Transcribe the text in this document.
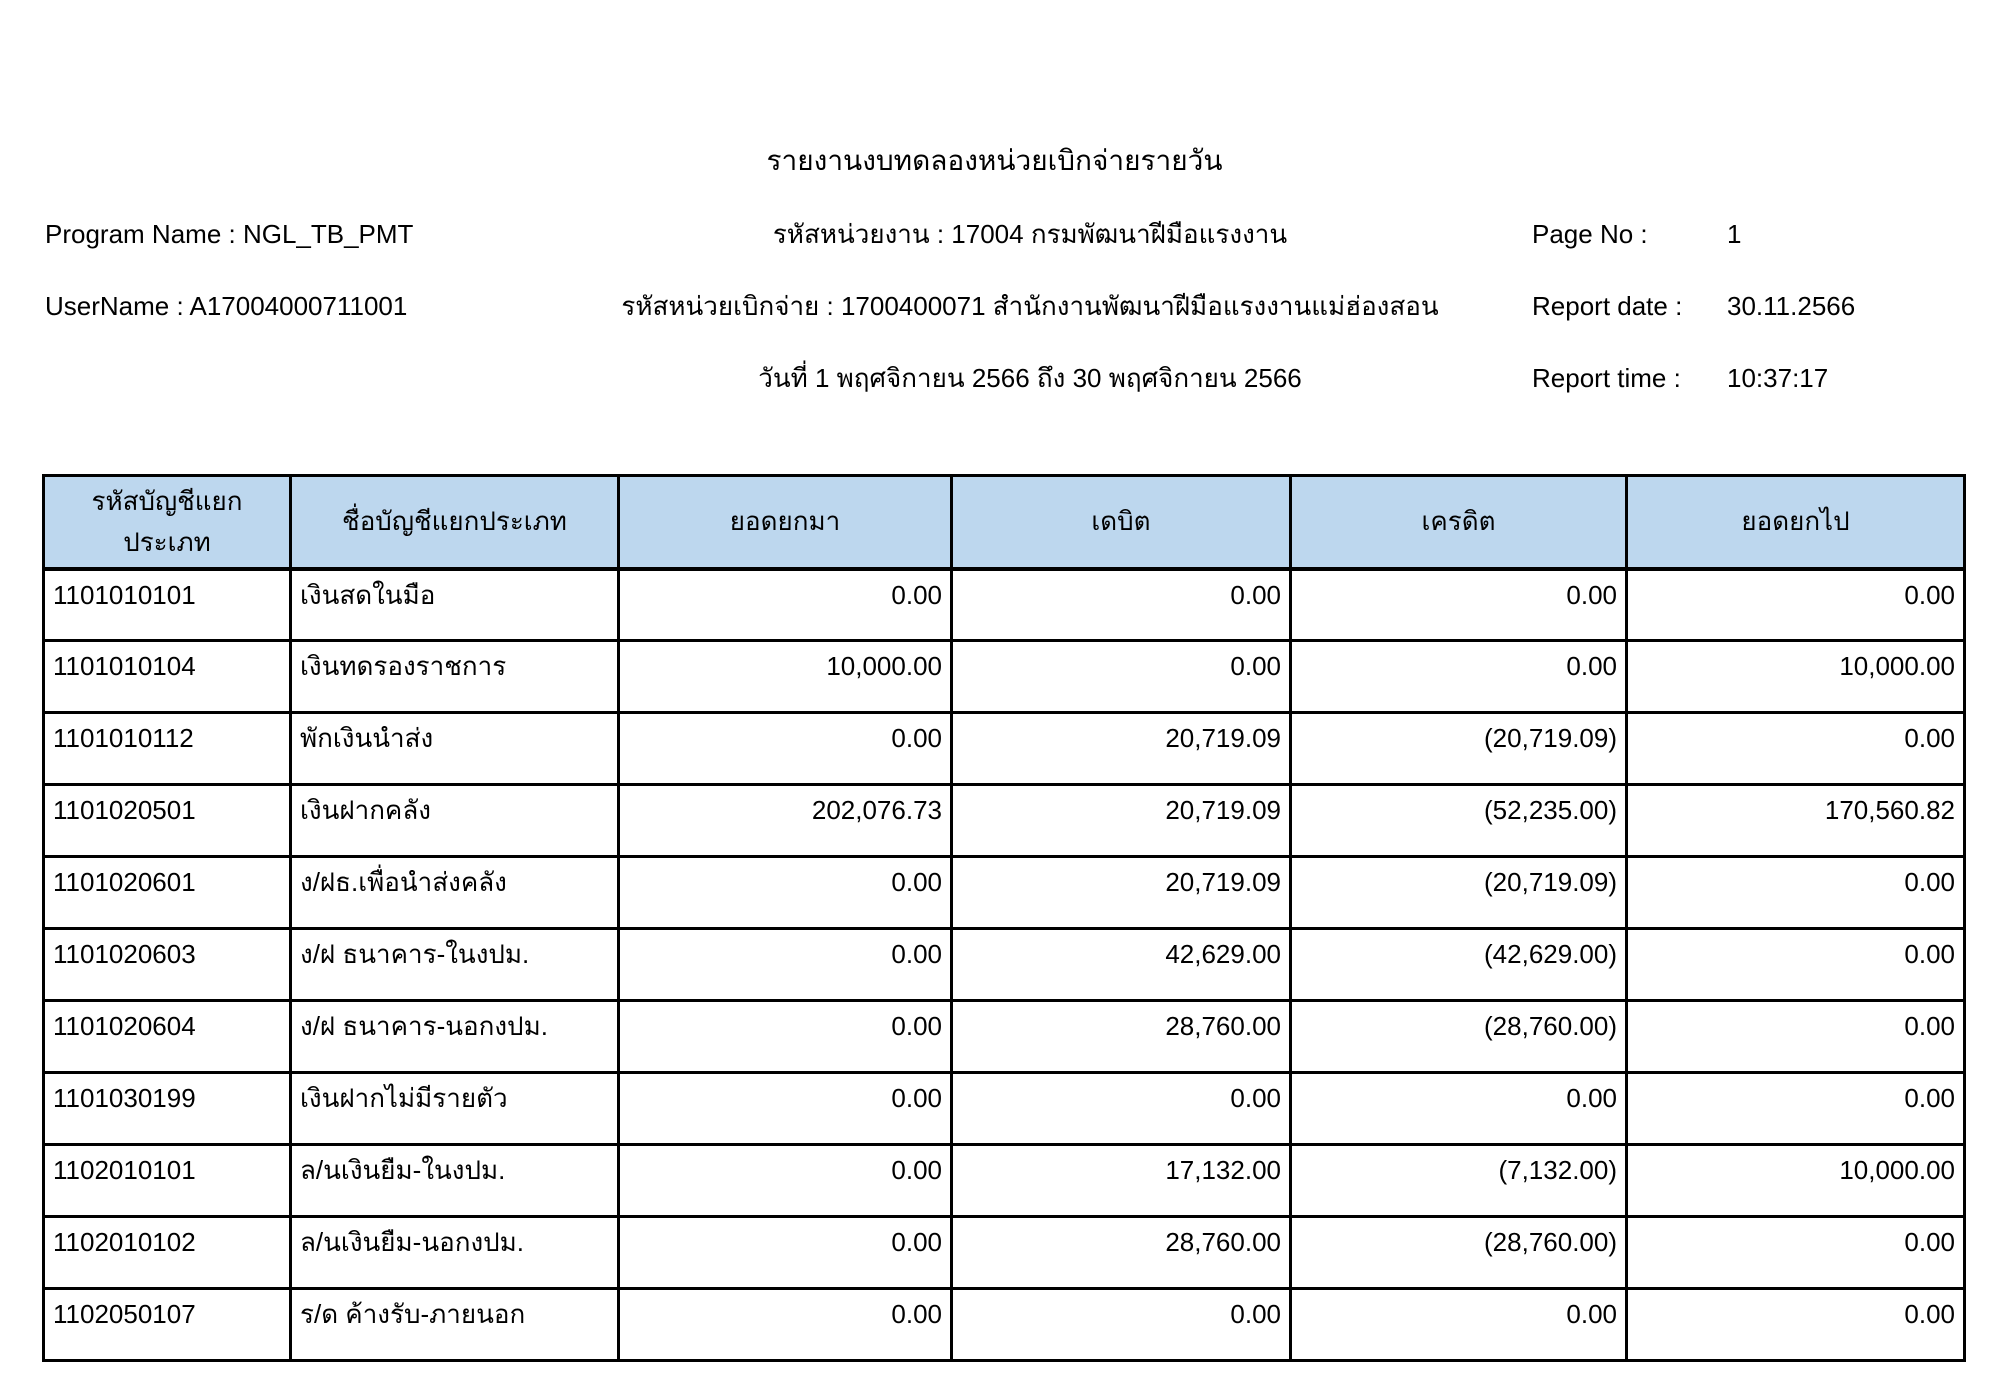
รายงานงบทดลองหน่วยเบิกจ่ายรายวัน
Program Name : NGL_TB_PMT	รหัสหน่วยงาน : 17004 กรมพัฒนาฝีมือแรงงาน	Page No :	1
UserName : A17004000711001	รหัสหน่วยเบิกจ่าย : 1700400071 สำนักงานพัฒนาฝีมือแรงงานแม่ฮ่องสอน	Report date :	30.11.2566
วันที่ 1 พฤศจิกายน 2566 ถึง 30 พฤศจิกายน 2566	Report time :	10:37:17
รหัสบัญชีแยกประเภท	ชื่อบัญชีแยกประเภท	ยอดยกมา	เดบิต	เครดิต	ยอดยกไป
1101010101	เงินสดในมือ	0.00	0.00	0.00	0.00
1101010104	เงินทดรองราชการ	10,000.00	0.00	0.00	10,000.00
1101010112	พักเงินนำส่ง	0.00	20,719.09	(20,719.09)	0.00
1101020501	เงินฝากคลัง	202,076.73	20,719.09	(52,235.00)	170,560.82
1101020601	ง/ฝธ.เพื่อนำส่งคลัง	0.00	20,719.09	(20,719.09)	0.00
1101020603	ง/ฝ ธนาคาร-ในงปม.	0.00	42,629.00	(42,629.00)	0.00
1101020604	ง/ฝ ธนาคาร-นอกงปม.	0.00	28,760.00	(28,760.00)	0.00
1101030199	เงินฝากไม่มีรายตัว	0.00	0.00	0.00	0.00
1102010101	ล/นเงินยืม-ในงปม.	0.00	17,132.00	(7,132.00)	10,000.00
1102010102	ล/นเงินยืม-นอกงปม.	0.00	28,760.00	(28,760.00)	0.00
1102050107	ร/ด ค้างรับ-ภายนอก	0.00	0.00	0.00	0.00
